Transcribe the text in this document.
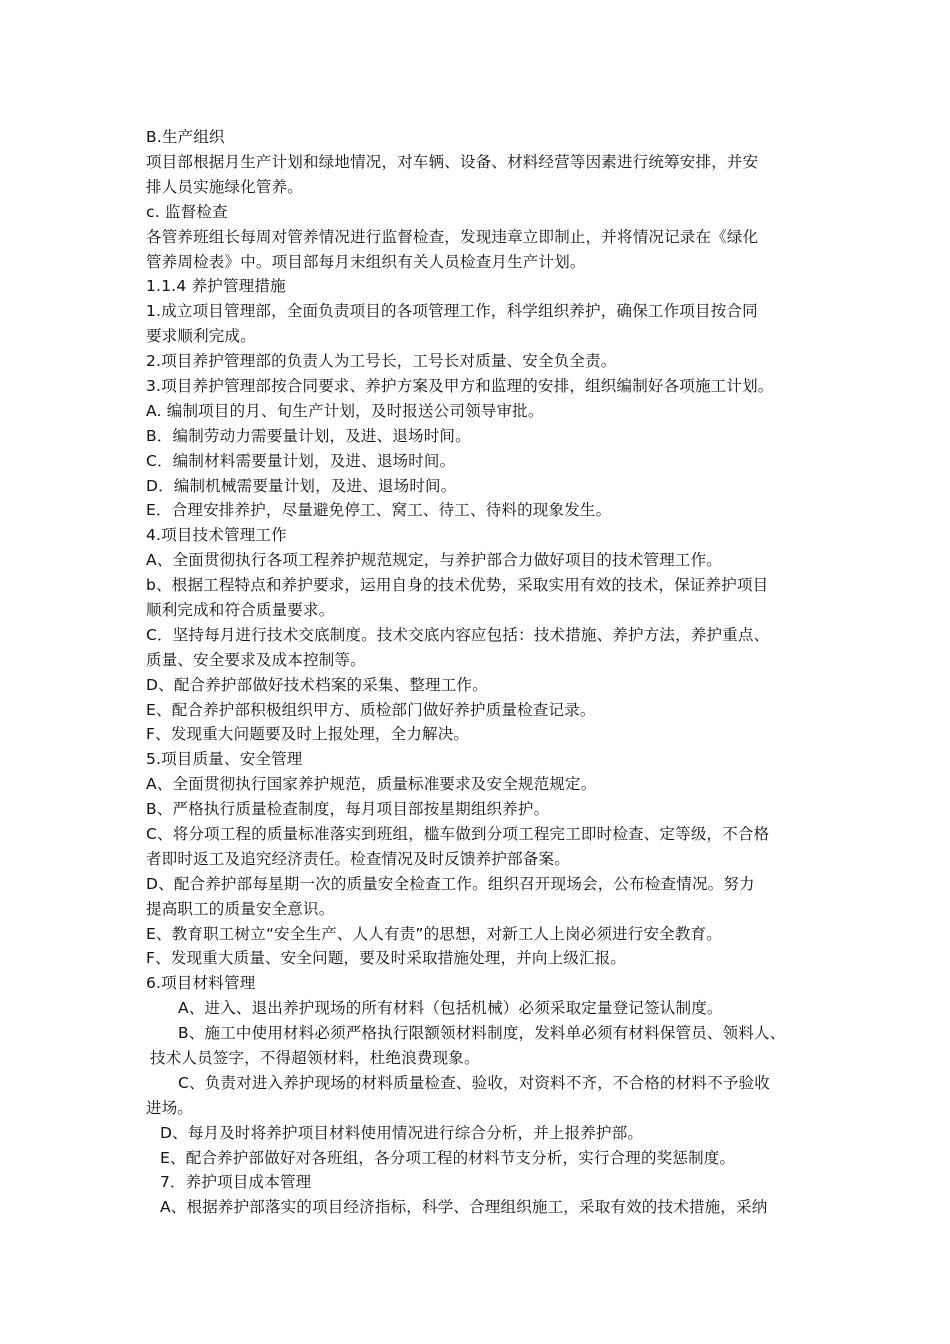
B.生产组织
项目部根据月生产计划和绿地情况，对车辆、设备、材料经营等因素进行统筹安排，并安
排人员实施绿化管养。
c. 监督检查
各管养班组长每周对管养情况进行监督检查，发现违章立即制止，并将情况记录在《绿化
管养周检表》中。项目部每月末组织有关人员检查月生产计划。
1.1.4 养护管理措施
1.成立项目管理部，全面负责项目的各项管理工作，科学组织养护，确保工作项目按合同
要求顺利完成。
2.项目养护管理部的负责人为工号长，工号长对质量、安全负全责。
3.项目养护管理部按合同要求、养护方案及甲方和监理的安排，组织编制好各项施工计划。
A. 编制项目的月、旬生产计划，及时报送公司领导审批。
B．编制劳动力需要量计划，及进、退场时间。
C．编制材料需要量计划，及进、退场时间。
D．编制机械需要量计划，及进、退场时间。
E．合理安排养护，尽量避免停工、窝工、待工、待料的现象发生。
4.项目技术管理工作
A、全面贯彻执行各项工程养护规范规定，与养护部合力做好项目的技术管理工作。
b、根据工程特点和养护要求，运用自身的技术优势，采取实用有效的技术，保证养护项目
顺利完成和符合质量要求。
C．坚持每月进行技术交底制度。技术交底内容应包括：技术措施、养护方法，养护重点、
质量、安全要求及成本控制等。
D、配合养护部做好技术档案的采集、整理工作。
E、配合养护部积极组织甲方、质检部门做好养护质量检查记录。
F、发现重大问题要及时上报处理，全力解决。
5.项目质量、安全管理
A、全面贯彻执行国家养护规范，质量标准要求及安全规范规定。
B、严格执行质量检查制度，每月项目部按星期组织养护。
C、将分项工程的质量标准落实到班组，槛车做到分项工程完工即时检查、定等级，不合格
者即时返工及追究经济责任。检查情况及时反馈养护部备案。
D、配合养护部每星期一次的质量安全检查工作。组织召开现场会，公布检查情况。努力
提高职工的质量安全意识。
E、教育职工树立“安全生产、人人有责”的思想，对新工人上岗必须进行安全教育。
F、发现重大质量、安全问题，要及时采取措施处理，并向上级汇报。
6.项目材料管理
A、进入、退出养护现场的所有材料（包括机械）必须采取定量登记签认制度。
B、施工中使用材料必须严格执行限额领材料制度，发料单必须有材料保管员、领料人、
技术人员签字，不得超领材料，杜绝浪费现象。
C、负责对进入养护现场的材料质量检查、验收，对资料不齐，不合格的材料不予验收
进场。
D、每月及时将养护项目材料使用情况进行综合分析，并上报养护部。
E、配合养护部做好对各班组，各分项工程的材料节支分析，实行合理的奖惩制度。
7．养护项目成本管理
A、根据养护部落实的项目经济指标，科学、合理组织施工，采取有效的技术措施，采纳
